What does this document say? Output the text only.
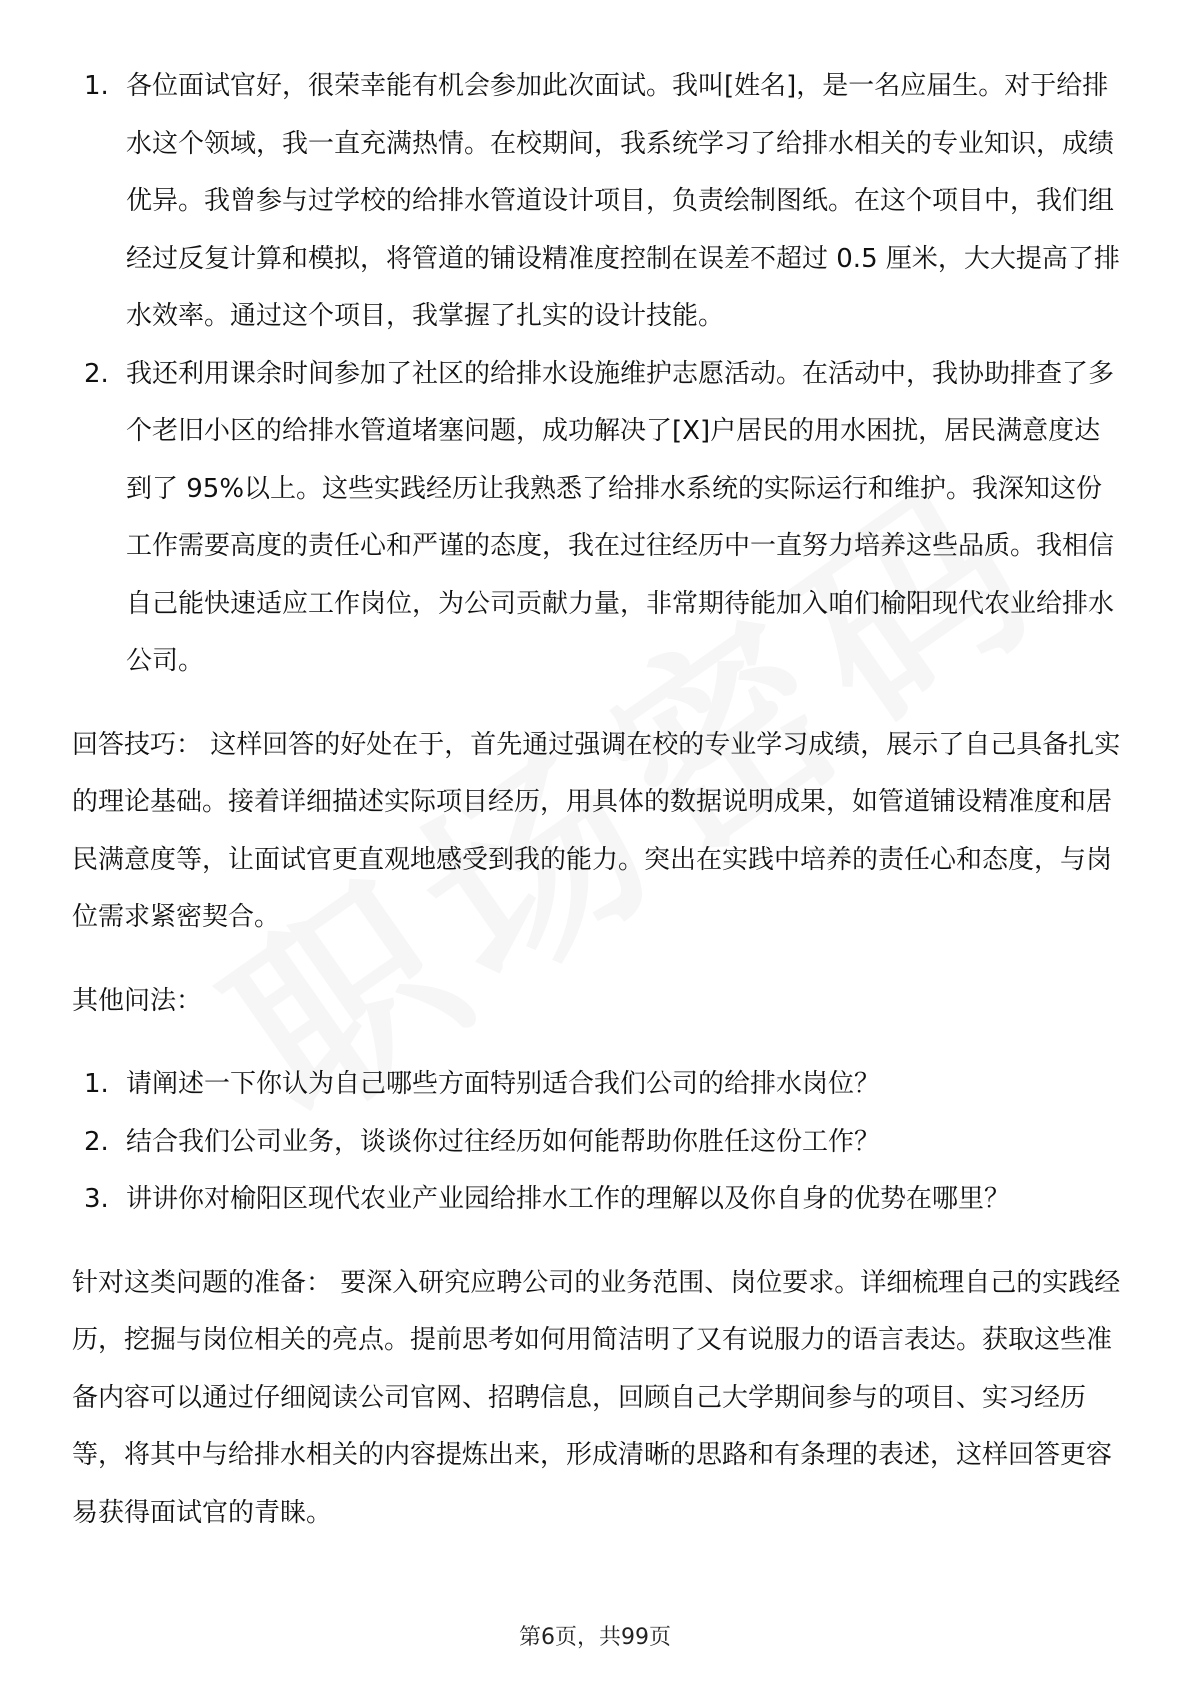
1. 各位面试官好，很荣幸能有机会参加此次面试。我叫[姓名]，是一名应届生。对于给排水这个领域，我一直充满热情。在校期间，我系统学习了给排水相关的专业知识，成绩优异。我曾参与过学校的给排水管道设计项目，负责绘制图纸。在这个项目中，我们组经过反复计算和模拟，将管道的铺设精准度控制在误差不超过 0.5 厘米，大大提高了排水效率。通过这个项目，我掌握了扎实的设计技能。
2. 我还利用课余时间参加了社区的给排水设施维护志愿活动。在活动中，我协助排查了多个老旧小区的给排水管道堵塞问题，成功解决了[X]户居民的用水困扰，居民满意度达到了 95%以上。这些实践经历让我熟悉了给排水系统的实际运行和维护。我深知这份工作需要高度的责任心和严谨的态度，我在过往经历中一直努力培养这些品质。我相信自己能快速适应工作岗位，为公司贡献力量，非常期待能加入咱们榆阳现代农业给排水公司。

回答技巧： 这样回答的好处在于，首先通过强调在校的专业学习成绩，展示了自己具备扎实的理论基础。接着详细描述实际项目经历，用具体的数据说明成果，如管道铺设精准度和居民满意度等，让面试官更直观地感受到我的能力。突出在实践中培养的责任心和态度，与岗位需求紧密契合。

其他问法：

1. 请阐述一下你认为自己哪些方面特别适合我们公司的给排水岗位？
2. 结合我们公司业务，谈谈你过往经历如何能帮助你胜任这份工作？
3. 讲讲你对榆阳区现代农业产业园给排水工作的理解以及你自身的优势在哪里？

针对这类问题的准备： 要深入研究应聘公司的业务范围、岗位要求。详细梳理自己的实践经历，挖掘与岗位相关的亮点。提前思考如何用简洁明了又有说服力的语言表达。获取这些准备内容可以通过仔细阅读公司官网、招聘信息，回顾自己大学期间参与的项目、实习经历等，将其中与给排水相关的内容提炼出来，形成清晰的思路和有条理的表述，这样回答更容易获得面试官的青睐。

第6页，共99页
